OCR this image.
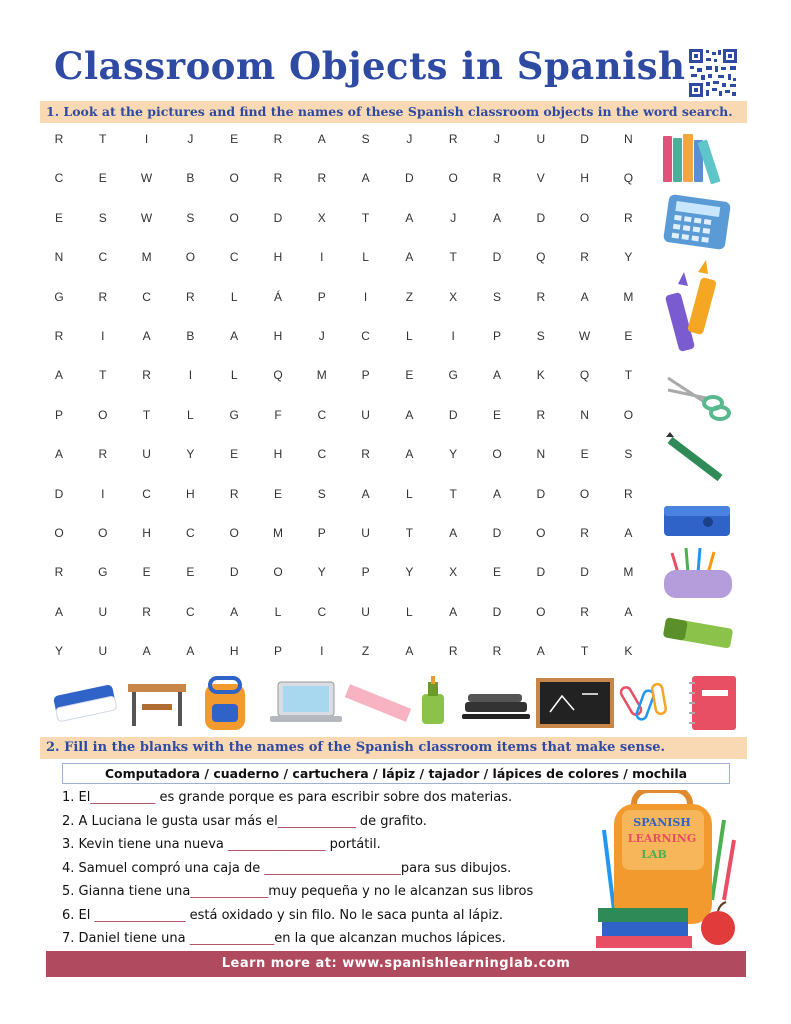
Classroom Objects in Spanish
1. Look at the pictures and find the names of these Spanish classroom objects in the word search.
R	T	I	J	E	R	A	S	J	R	J	U	D	N
C	E	W	B	O	R	R	A	D	O	R	V	H	Q
E	S	W	S	O	D	X	T	A	J	A	D	O	R
N	C	M	O	C	H	I	L	A	T	D	Q	R	Y
G	R	C	R	L	Á	P	I	Z	X	S	R	A	M
R	I	A	B	A	H	J	C	L	I	P	S	W	E
A	T	R	I	L	Q	M	P	E	G	A	K	Q	T
P	O	T	L	G	F	C	U	A	D	E	R	N	O
A	R	U	Y	E	H	C	R	A	Y	O	N	E	S
D	I	C	H	R	E	S	A	L	T	A	D	O	R
O	O	H	C	O	M	P	U	T	A	D	O	R	A
R	G	E	E	D	O	Y	P	Y	X	E	D	D	M
A	U	R	C	A	L	C	U	L	A	D	O	R	A
Y	U	A	A	H	P	I	Z	A	R	R	A	T	K
2. Fill in the blanks with the names of the Spanish classroom items that make sense.
Computadora / cuaderno / cartuchera / lápiz / tajador / lápices de colores / mochila
1. El__________ es grande porque es para escribir sobre dos materias.
2. A Luciana le gusta usar más el____________ de grafito.
3. Kevin tiene una nueva _______________ portátil.
4. Samuel compró una caja de _____________________para sus dibujos.
5. Gianna tiene una____________muy pequeña y no le alcanzan sus libros
6. El ______________ está oxidado y sin filo. No le saca punta al lápiz.
7. Daniel tiene una _____________en la que alcanzan muchos lápices.
SPANISH
LEARNING
LAB
Learn more at: www.spanishlearninglab.com
